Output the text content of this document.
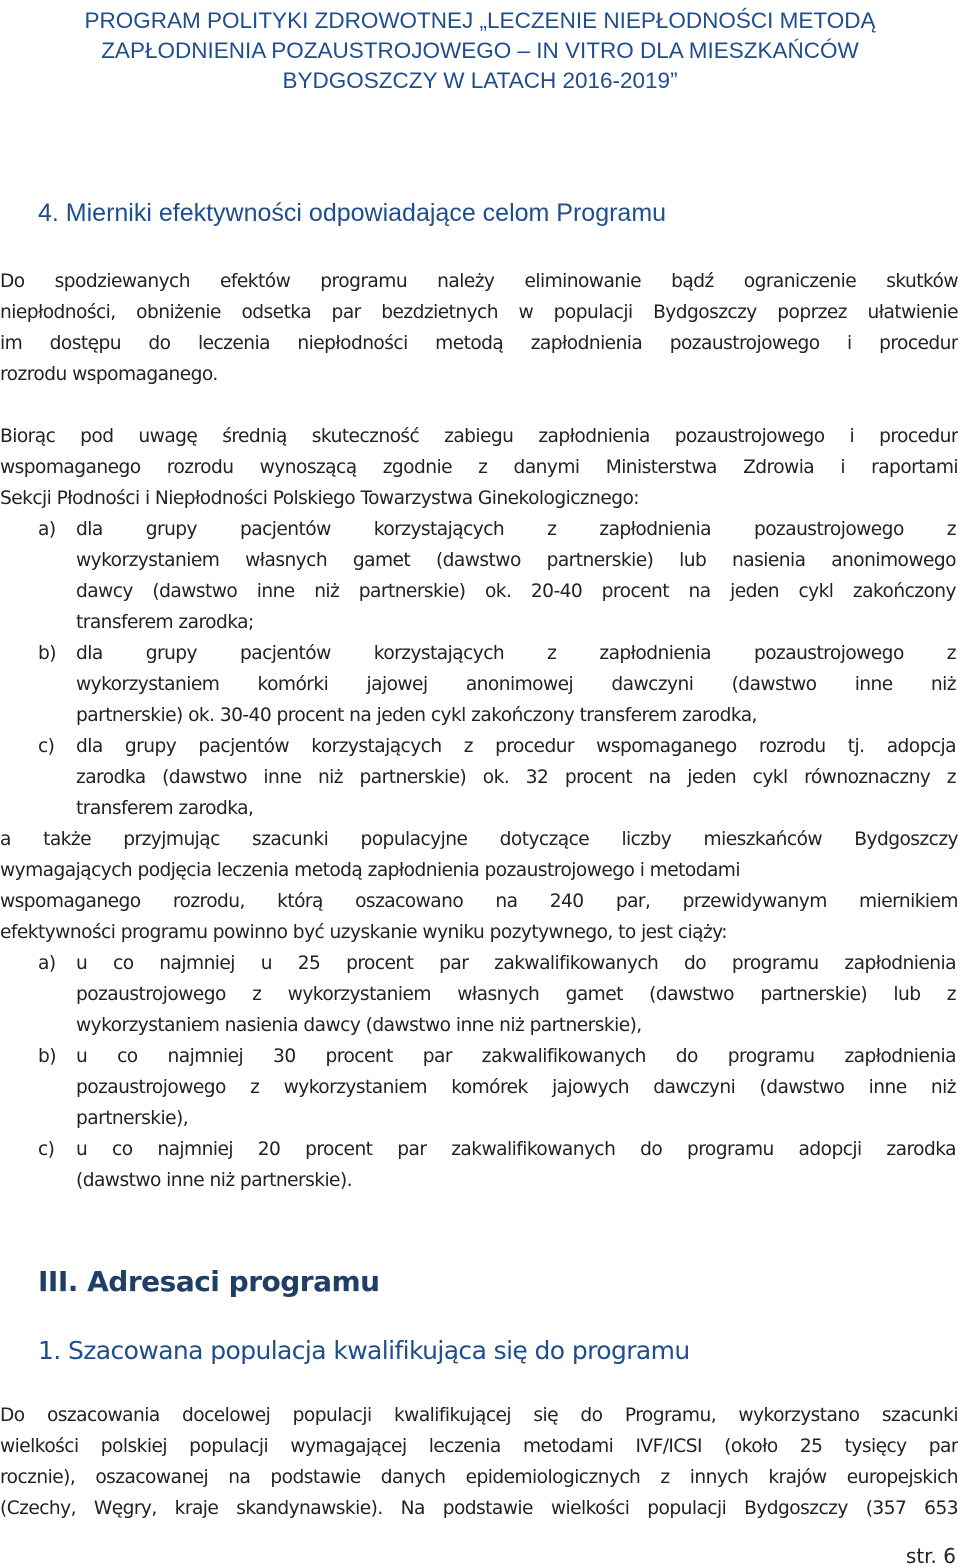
PROGRAM POLITYKI ZDROWOTNEJ „LECZENIE NIEPŁODNOŚCI METODĄ
ZAPŁODNIENIA POZAUSTROJOWEGO – IN VITRO DLA MIESZKAŃCÓW
BYDGOSZCZY W LATACH 2016-2019”
4. Mierniki efektywności odpowiadające celom Programu
Do spodziewanych efektów programu należy eliminowanie bądź ograniczenie skutków
niepłodności, obniżenie odsetka par bezdzietnych w populacji Bydgoszczy poprzez ułatwienie
im dostępu do leczenia niepłodności metodą zapłodnienia pozaustrojowego i procedur
rozrodu wspomaganego.
Biorąc pod uwagę średnią skuteczność zabiegu zapłodnienia pozaustrojowego i procedur
wspomaganego rozrodu wynoszącą zgodnie z danymi Ministerstwa Zdrowia i raportami
Sekcji Płodności i Niepłodności Polskiego Towarzystwa Ginekologicznego:
a) dla grupy pacjentów korzystających z zapłodnienia pozaustrojowego z
wykorzystaniem własnych gamet (dawstwo partnerskie) lub nasienia anonimowego
dawcy (dawstwo inne niż partnerskie) ok. 20-40 procent na jeden cykl zakończony
transferem zarodka;
b) dla grupy pacjentów korzystających z zapłodnienia pozaustrojowego z
wykorzystaniem komórki jajowej anonimowej dawczyni (dawstwo inne niż
partnerskie) ok. 30-40 procent na jeden cykl zakończony transferem zarodka,
c) dla grupy pacjentów korzystających z procedur wspomaganego rozrodu tj. adopcja
zarodka (dawstwo inne niż partnerskie) ok. 32 procent na jeden cykl równoznaczny z
transferem zarodka,
a także przyjmując szacunki populacyjne dotyczące liczby mieszkańców Bydgoszczy
wymagających podjęcia leczenia metodą zapłodnienia pozaustrojowego i metodami
wspomaganego rozrodu, którą oszacowano na 240 par, przewidywanym miernikiem
efektywności programu powinno być uzyskanie wyniku pozytywnego, to jest ciąży:
a) u co najmniej u 25 procent par zakwalifikowanych do programu zapłodnienia
pozaustrojowego z wykorzystaniem własnych gamet (dawstwo partnerskie) lub z
wykorzystaniem nasienia dawcy (dawstwo inne niż partnerskie),
b) u co najmniej 30 procent par zakwalifikowanych do programu zapłodnienia
pozaustrojowego z wykorzystaniem komórek jajowych dawczyni (dawstwo inne niż
partnerskie),
c) u co najmniej 20 procent par zakwalifikowanych do programu adopcji zarodka
(dawstwo inne niż partnerskie).
III. Adresaci programu
1. Szacowana populacja kwalifikująca się do programu
Do oszacowania docelowej populacji kwalifikującej się do Programu, wykorzystano szacunki
wielkości polskiej populacji wymagającej leczenia metodami IVF/ICSI (około 25 tysięcy par
rocznie), oszacowanej na podstawie danych epidemiologicznych z innych krajów europejskich
(Czechy, Węgry, kraje skandynawskie). Na podstawie wielkości populacji Bydgoszczy (357 653
str. 6
